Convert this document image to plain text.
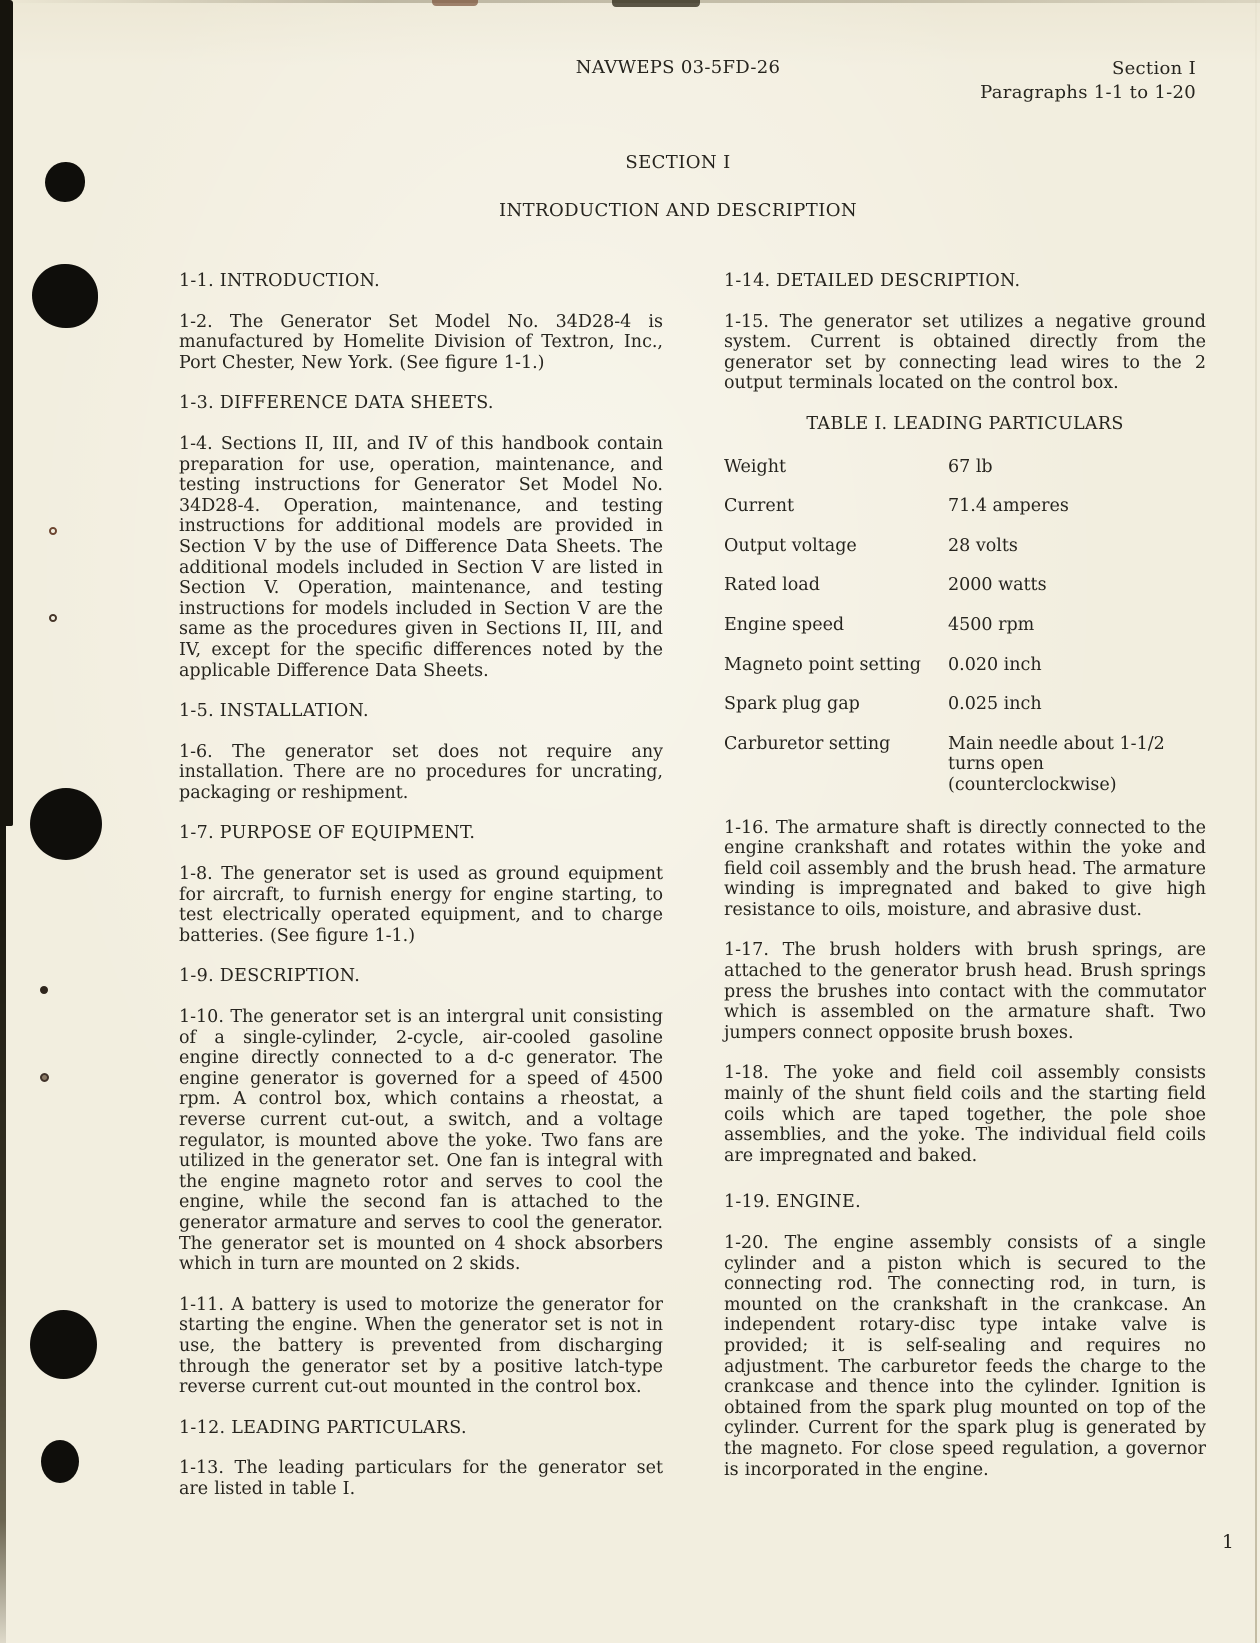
NAVWEPS 03-5FD-26	Section I
Paragraphs 1-1 to 1-20
SECTION I
INTRODUCTION AND DESCRIPTION
1-1. INTRODUCTION.
1-2. The Generator Set Model No. 34D28-4 is manufactured by Homelite Division of Textron, Inc., Port Chester, New York. (See figure 1-1.)
1-3. DIFFERENCE DATA SHEETS.
1-4. Sections II, III, and IV of this handbook contain preparation for use, operation, maintenance, and testing instructions for Generator Set Model No. 34D28-4. Operation, maintenance, and testing instructions for additional models are provided in Section V by the use of Difference Data Sheets. The additional models included in Section V are listed in Section V. Operation, maintenance, and testing instructions for models included in Section V are the same as the procedures given in Sections II, III, and IV, except for the specific differences noted by the applicable Difference Data Sheets.
1-5. INSTALLATION.
1-6. The generator set does not require any installation. There are no procedures for uncrating, packaging or reshipment.
1-7. PURPOSE OF EQUIPMENT.
1-8. The generator set is used as ground equipment for aircraft, to furnish energy for engine starting, to test electrically operated equipment, and to charge batteries. (See figure 1-1.)
1-9. DESCRIPTION.
1-10. The generator set is an intergral unit consisting of a single-cylinder, 2-cycle, air-cooled gasoline engine directly connected to a d-c generator. The engine generator is governed for a speed of 4500 rpm. A control box, which contains a rheostat, a reverse current cut-out, a switch, and a voltage regulator, is mounted above the yoke. Two fans are utilized in the generator set. One fan is integral with the engine magneto rotor and serves to cool the engine, while the second fan is attached to the generator armature and serves to cool the generator. The generator set is mounted on 4 shock absorbers which in turn are mounted on 2 skids.
1-11. A battery is used to motorize the generator for starting the engine. When the generator set is not in use, the battery is prevented from discharging through the generator set by a positive latch-type reverse current cut-out mounted in the control box.
1-12. LEADING PARTICULARS.
1-13. The leading particulars for the generator set are listed in table I.
1-14. DETAILED DESCRIPTION.
1-15. The generator set utilizes a negative ground system. Current is obtained directly from the generator set by connecting lead wires to the 2 output terminals located on the control box.
TABLE I. LEADING PARTICULARS
Weight	67 lb
Current	71.4 amperes
Output voltage	28 volts
Rated load	2000 watts
Engine speed	4500 rpm
Magneto point setting	0.020 inch
Spark plug gap	0.025 inch
Carburetor setting	Main needle about 1-1/2 turns open (counterclockwise)
1-16. The armature shaft is directly connected to the engine crankshaft and rotates within the yoke and field coil assembly and the brush head. The armature winding is impregnated and baked to give high resistance to oils, moisture, and abrasive dust.
1-17. The brush holders with brush springs, are attached to the generator brush head. Brush springs press the brushes into contact with the commutator which is assembled on the armature shaft. Two jumpers connect opposite brush boxes.
1-18. The yoke and field coil assembly consists mainly of the shunt field coils and the starting field coils which are taped together, the pole shoe assemblies, and the yoke. The individual field coils are impregnated and baked.
1-19. ENGINE.
1-20. The engine assembly consists of a single cylinder and a piston which is secured to the connecting rod. The connecting rod, in turn, is mounted on the crankshaft in the crankcase. An independent rotary-disc type intake valve is provided; it is self-sealing and requires no adjustment. The carburetor feeds the charge to the crankcase and thence into the cylinder. Ignition is obtained from the spark plug mounted on top of the cylinder. Current for the spark plug is generated by the magneto. For close speed regulation, a governor is incorporated in the engine.
1
